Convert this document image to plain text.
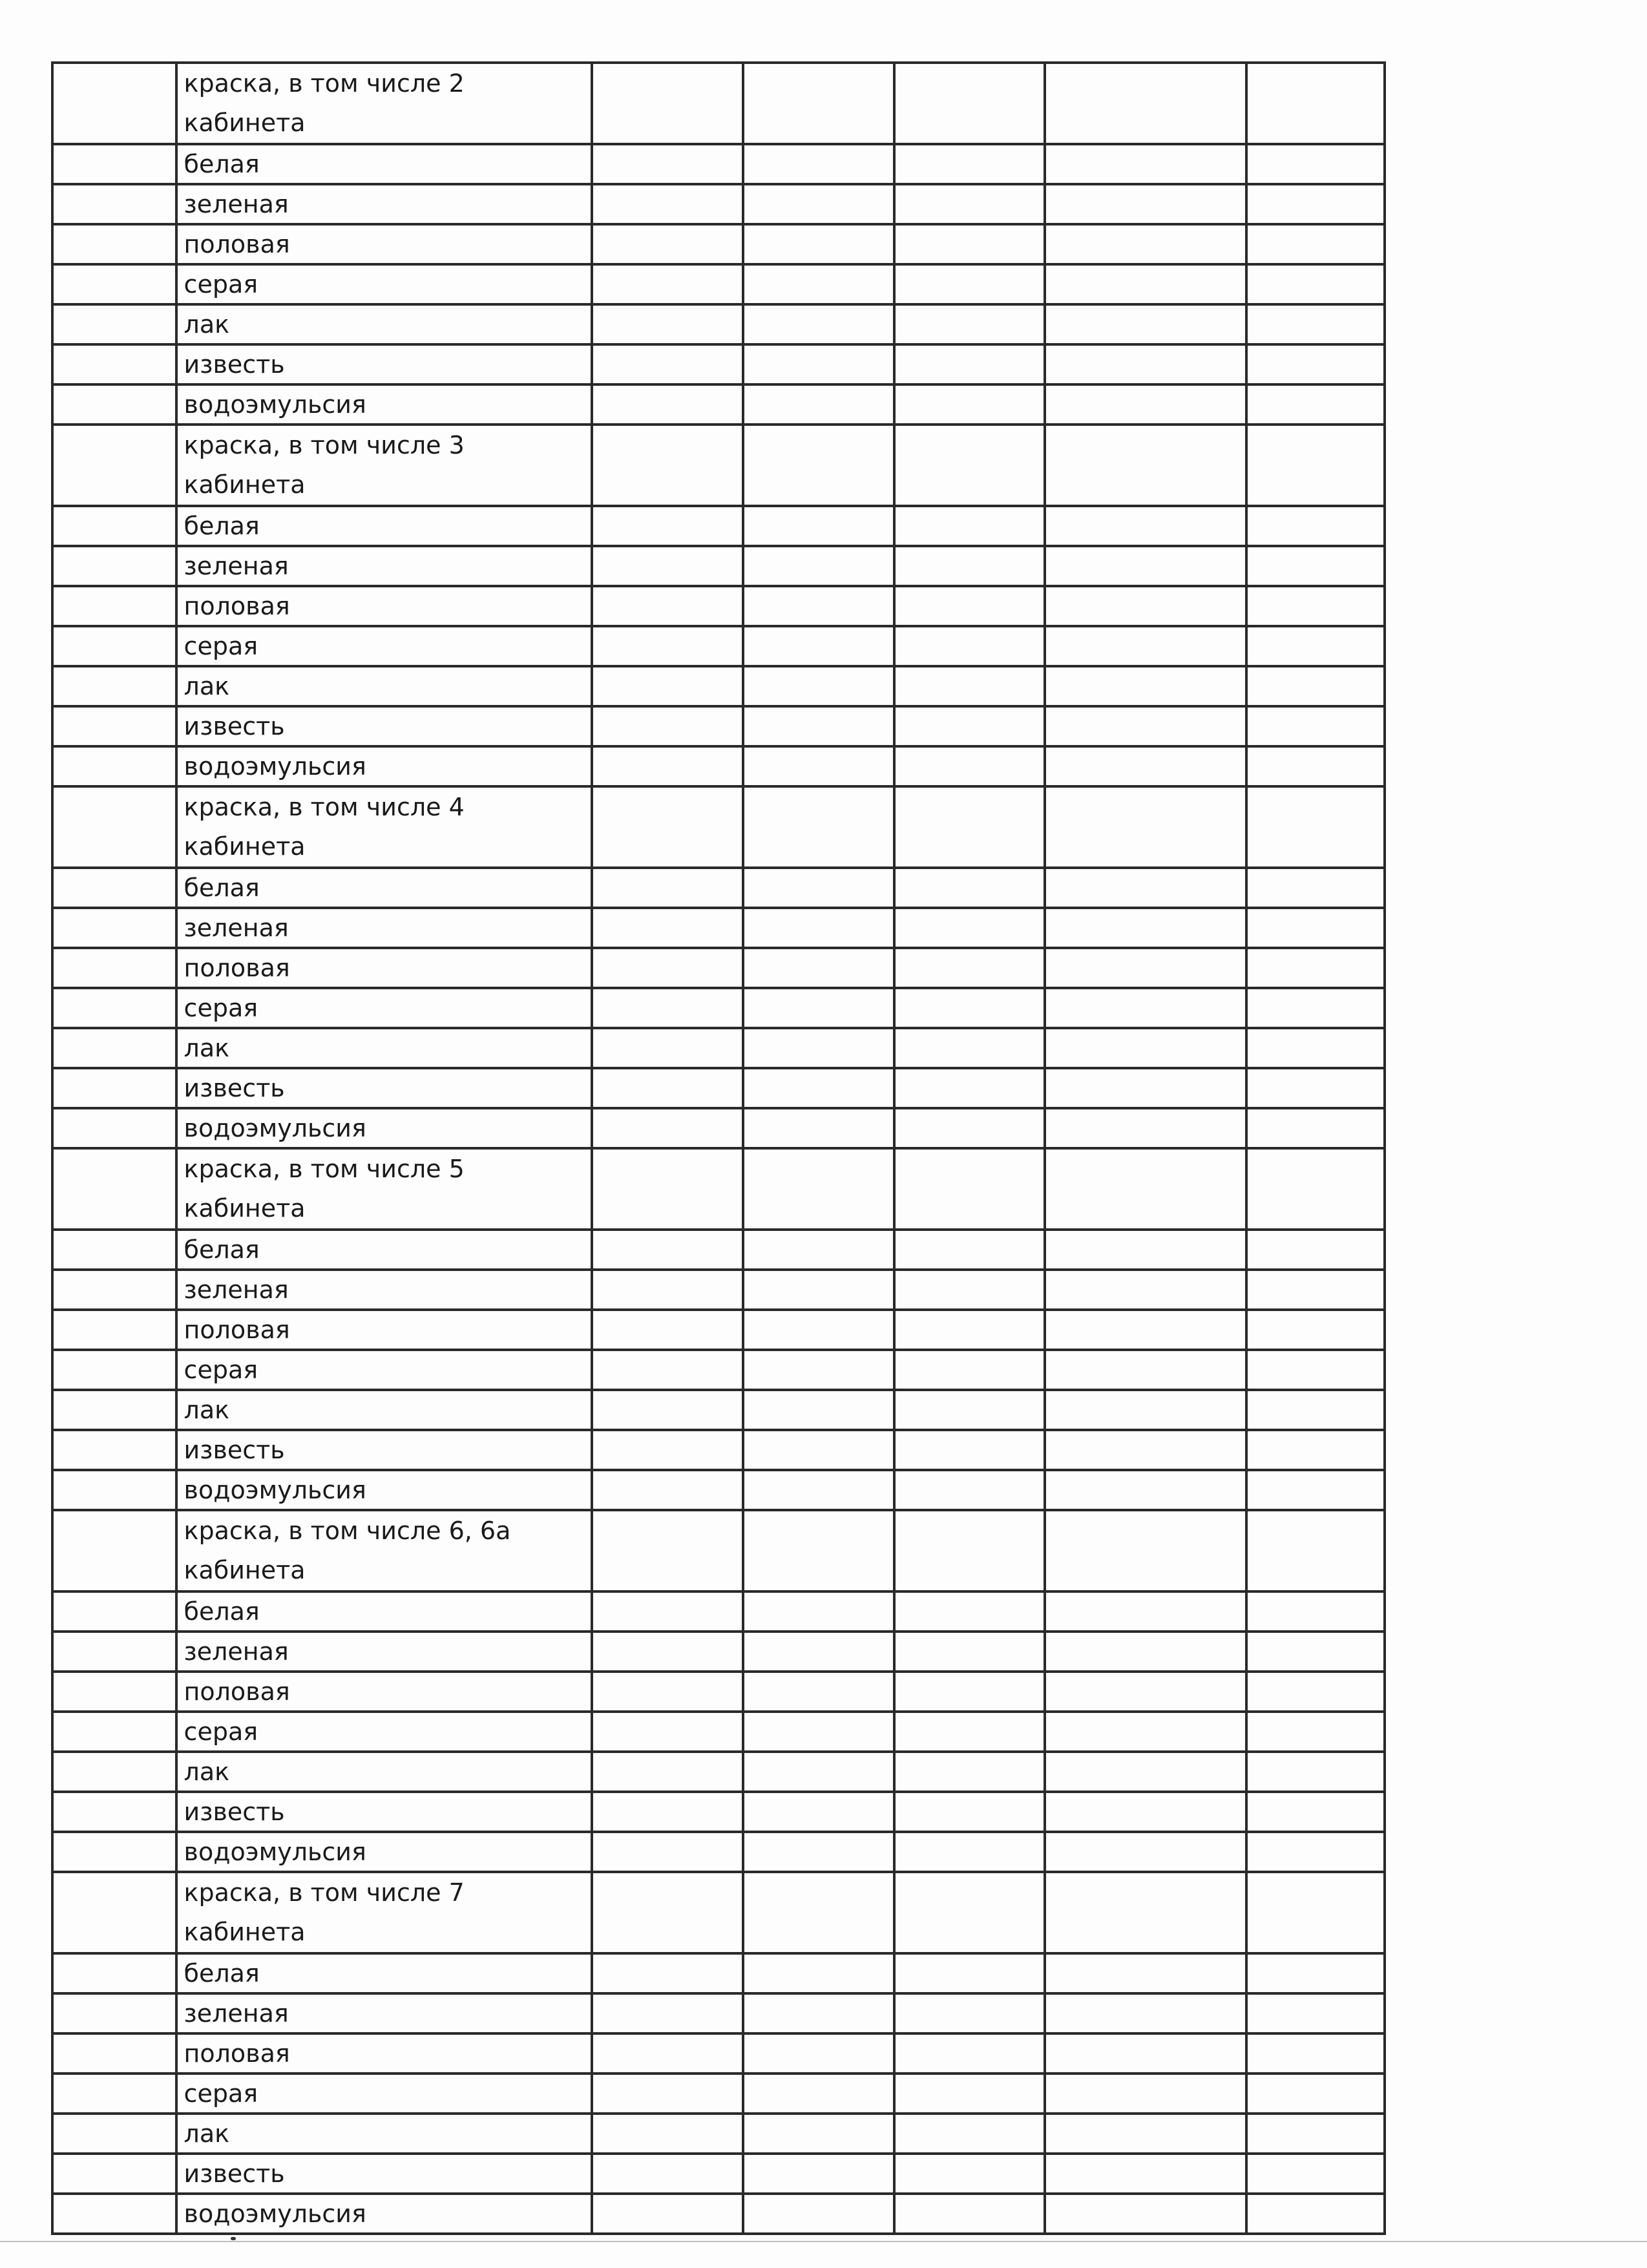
	краска, в том числе 2 кабинета					
	белая					
	зеленая					
	половая					
	серая					
	лак					
	известь					
	водоэмульсия					
	краска, в том числе 3 кабинета					
	белая					
	зеленая					
	половая					
	серая					
	лак					
	известь					
	водоэмульсия					
	краска, в том числе 4 кабинета					
	белая					
	зеленая					
	половая					
	серая					
	лак					
	известь					
	водоэмульсия					
	краска, в том числе 5 кабинета					
	белая					
	зеленая					
	половая					
	серая					
	лак					
	известь					
	водоэмульсия					
	краска, в том числе 6, 6а кабинета					
	белая					
	зеленая					
	половая					
	серая					
	лак					
	известь					
	водоэмульсия					
	краска, в том числе 7 кабинета					
	белая					
	зеленая					
	половая					
	серая					
	лак					
	известь					
	водоэмульсия					
